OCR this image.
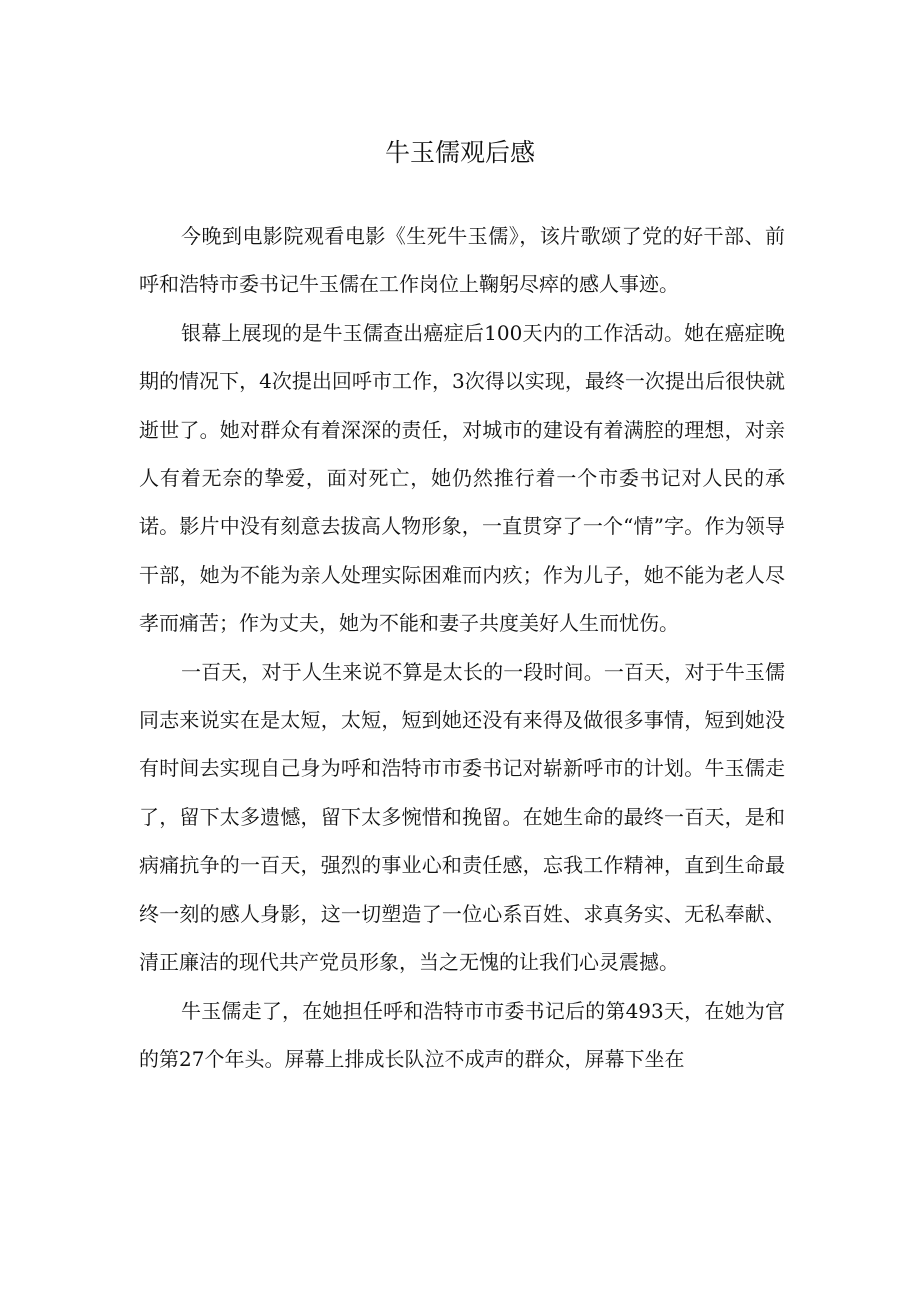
牛玉儒观后感

今晚到电影院观看电影《生死牛玉儒》，该片歌颂了党的好干部、前呼和浩特市委书记牛玉儒在工作岗位上鞠躬尽瘁的感人事迹。

银幕上展现的是牛玉儒查出癌症后100天内的工作活动。她在癌症晚期的情况下，4次提出回呼市工作，3次得以实现，最终一次提出后很快就逝世了。她对群众有着深深的责任，对城市的建设有着满腔的理想，对亲人有着无奈的挚爱，面对死亡，她仍然推行着一个市委书记对人民的承诺。影片中没有刻意去拔高人物形象，一直贯穿了一个“情”字。作为领导干部，她为不能为亲人处理实际困难而内疚；作为儿子，她不能为老人尽孝而痛苦；作为丈夫，她为不能和妻子共度美好人生而忧伤。

一百天，对于人生来说不算是太长的一段时间。一百天，对于牛玉儒同志来说实在是太短，太短，短到她还没有来得及做很多事情，短到她没有时间去实现自己身为呼和浩特市市委书记对崭新呼市的计划。牛玉儒走了，留下太多遗憾，留下太多惋惜和挽留。在她生命的最终一百天，是和病痛抗争的一百天，强烈的事业心和责任感，忘我工作精神，直到生命最终一刻的感人身影，这一切塑造了一位心系百姓、求真务实、无私奉献、清正廉洁的现代共产党员形象，当之无愧的让我们心灵震撼。

牛玉儒走了，在她担任呼和浩特市市委书记后的第493天，在她为官的第27个年头。屏幕上排成长队泣不成声的群众，屏幕下坐在
